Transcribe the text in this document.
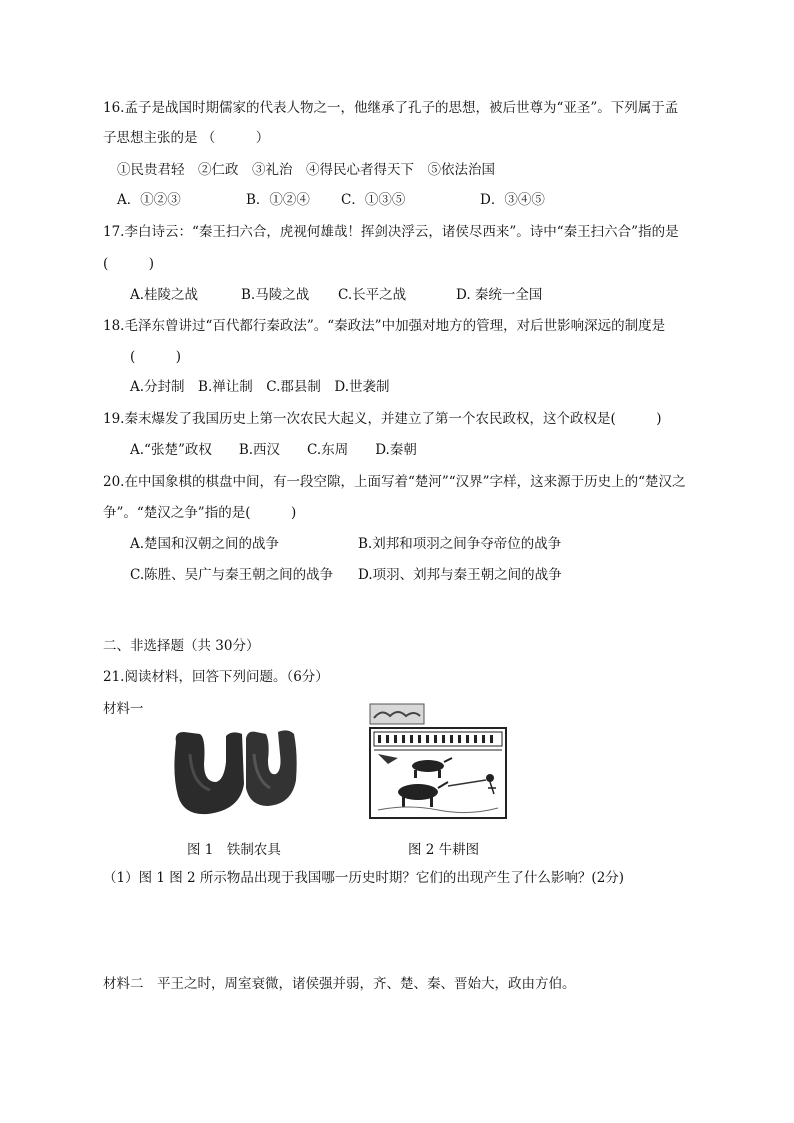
16.孟子是战国时期儒家的代表人物之一，他继承了孔子的思想，被后世尊为“亚圣”。下列属于孟
子思想主张的是 （　　　）
①民贵君轻　②仁政　③礼治　④得民心者得天下　⑤依法治国
A．①②③	B．①②④ C．①③⑤	D．③④⑤
17.李白诗云：“秦王扫六合，虎视何雄哉！挥剑决浮云，诸侯尽西来”。诗中“秦王扫六合”指的是
(　　　)
A.桂陵之战	B.马陵之战 C.长平之战	D. 秦统一全国
18.毛泽东曾讲过“百代都行秦政法”。“秦政法”中加强对地方的管理，对后世影响深远的制度是
(　　　)
A.分封制　B.禅让制　C.郡县制　D.世袭制
19.秦末爆发了我国历史上第一次农民大起义，并建立了第一个农民政权，这个政权是(　　　)
A.“张楚”政权　　B.西汉　　C.东周　　D.秦朝
20.在中国象棋的棋盘中间，有一段空隙，上面写着“楚河”“汉界”字样，这来源于历史上的“楚汉之
争”。“楚汉之争”指的是(　　　)
A.楚国和汉朝之间的战争	B.刘邦和项羽之间争夺帝位的战争
C.陈胜、吴广与秦王朝之间的战争 D.项羽、刘邦与秦王朝之间的战争
二、非选择题（共 30分）
21.阅读材料，回答下列问题。（6分）
材料一
图 1　铁制农具	图 2 牛耕图
（1）图 1 图 2 所示物品出现于我国哪一历史时期？它们的出现产生了什么影响？(2分)
材料二　平王之时，周室衰微，诸侯强并弱，齐、楚、秦、晋始大，政由方伯。
